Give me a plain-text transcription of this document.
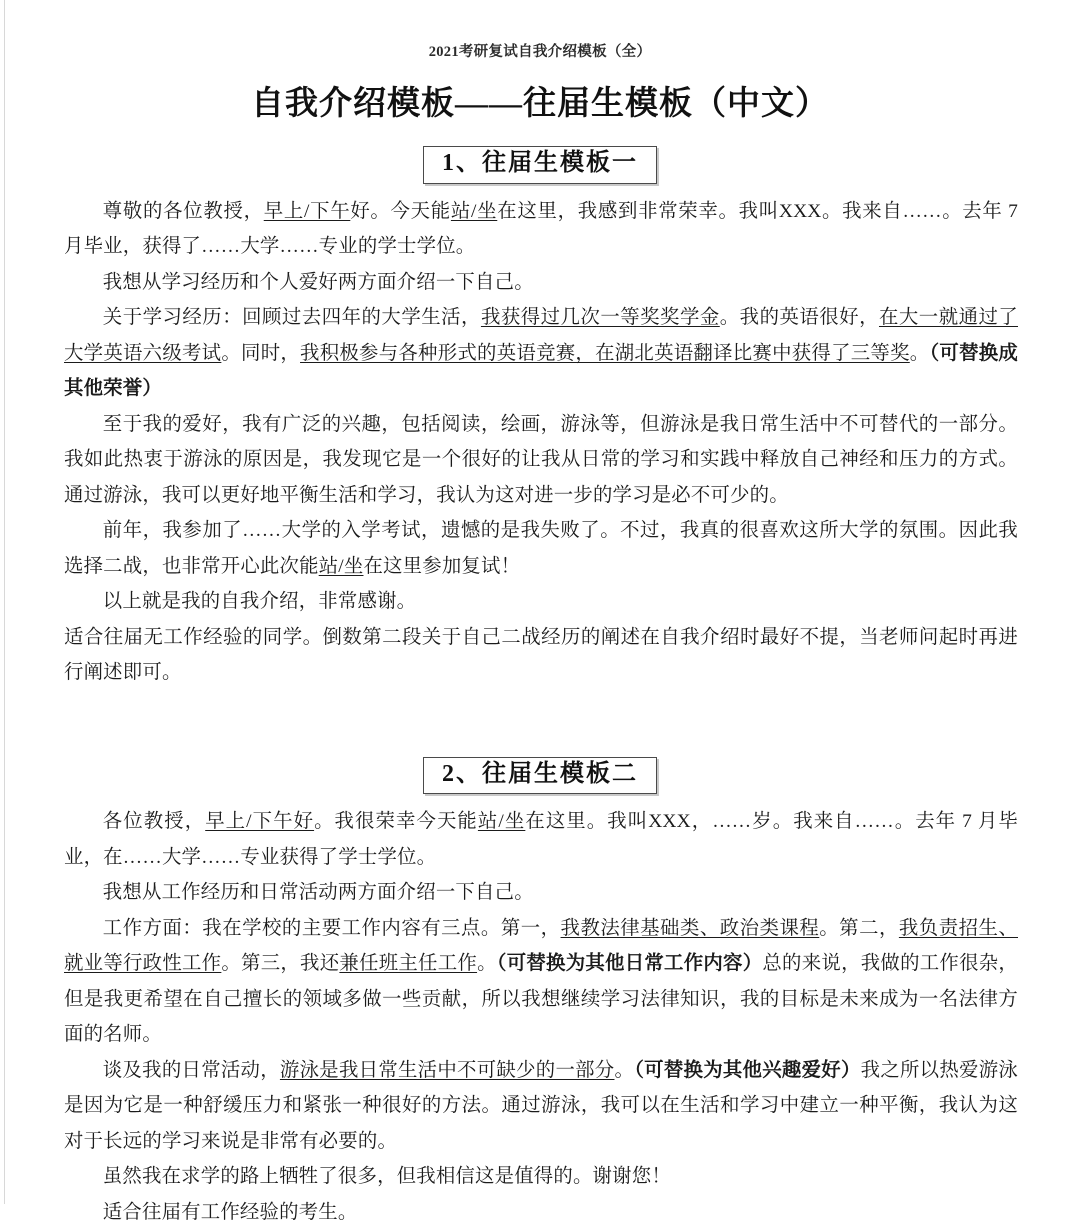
2021考研复试自我介绍模板（全）
自我介绍模板——往届生模板（中文）
1、往届生模板一

尊敬的各位教授，早上/下午好。今天能站/坐在这里，我感到非常荣幸。我叫XXX。我来自……。去年 7 月毕业，获得了……大学……专业的学士学位。

我想从学习经历和个人爱好两方面介绍一下自己。

关于学习经历：回顾过去四年的大学生活，我获得过几次一等奖奖学金。我的英语很好，在大一就通过了大学英语六级考试。同时，我积极参与各种形式的英语竞赛，在湖北英语翻译比赛中获得了三等奖。（可替换成其他荣誉）

至于我的爱好，我有广泛的兴趣，包括阅读，绘画，游泳等，但游泳是我日常生活中不可替代的一部分。我如此热衷于游泳的原因是，我发现它是一个很好的让我从日常的学习和实践中释放自己神经和压力的方式。通过游泳，我可以更好地平衡生活和学习，我认为这对进一步的学习是必不可少的。

前年，我参加了……大学的入学考试，遗憾的是我失败了。不过，我真的很喜欢这所大学的氛围。因此我选择二战，也非常开心此次能站/坐在这里参加复试！

以上就是我的自我介绍，非常感谢。

适合往届无工作经验的同学。倒数第二段关于自己二战经历的阐述在自我介绍时最好不提，当老师问起时再进行阐述即可。

2、往届生模板二

各位教授，早上/下午好。我很荣幸今天能站/坐在这里。我叫XXX，……岁。我来自……。去年 7 月毕业，在……大学……专业获得了学士学位。

我想从工作经历和日常活动两方面介绍一下自己。

工作方面：我在学校的主要工作内容有三点。第一，我教法律基础类、政治类课程。第二，我负责招生、就业等行政性工作。第三，我还兼任班主任工作。（可替换为其他日常工作内容）总的来说，我做的工作很杂，但是我更希望在自己擅长的领域多做一些贡献，所以我想继续学习法律知识，我的目标是未来成为一名法律方面的名师。

谈及我的日常活动，游泳是我日常生活中不可缺少的一部分。（可替换为其他兴趣爱好）我之所以热爱游泳是因为它是一种舒缓压力和紧张一种很好的方法。通过游泳，我可以在生活和学习中建立一种平衡，我认为这对于长远的学习来说是非常有必要的。

虽然我在求学的路上牺牲了很多，但我相信这是值得的。谢谢您！

适合往届有工作经验的考生。
